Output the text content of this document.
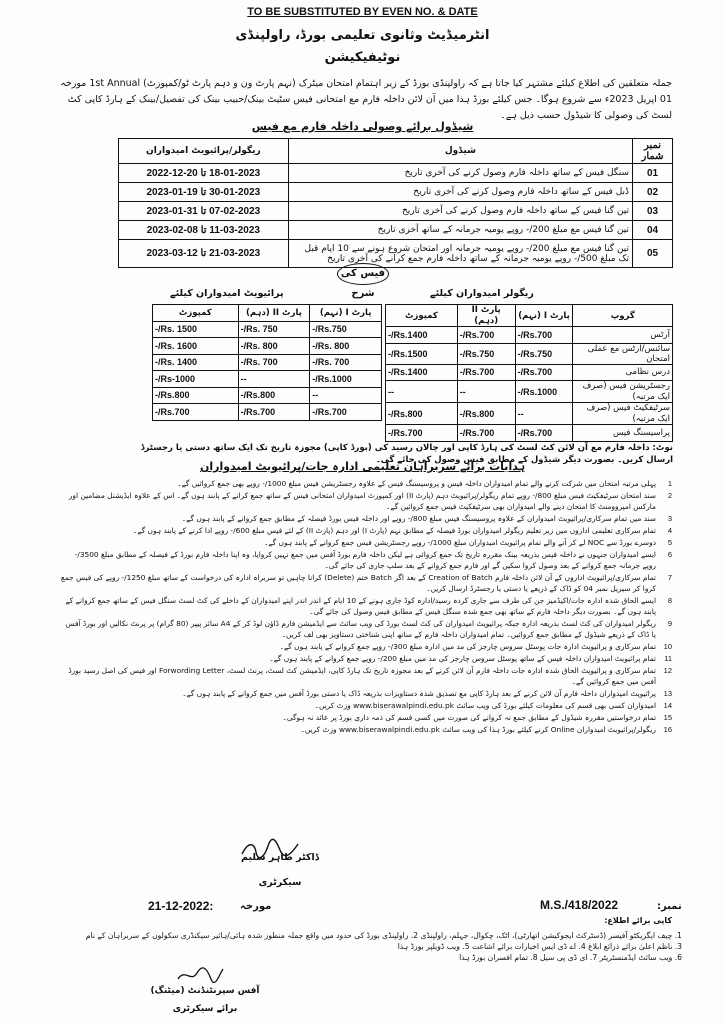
TO BE SUBSTITUTED BY EVEN NO. & DATE
انٹرمیڈیٹ وثانوی تعلیمی بورڈ، راولپنڈی
نوٹیفیکیشن
جملہ متعلقین کی اطلاع کیلئے مشتہر کیا جاتا ہے کہ راولپنڈی بورڈ کے زیر اہتمام امتحان میٹرک (نہم پارٹ ون و دہم پارٹ ٹو/کمپوزٹ) 1st Annual مورخہ 01 اپریل 2023ء سے شروع ہوگا۔ جس کیلئے بورڈ ہذا میں آن لائن داخلہ فارم مع امتحانی فیس سٹیٹ بینک/حبیب بینک کی تفصیل/بینک کے ہارڈ کاپی کٹ لسٹ کی وصولی کا شیڈول حسب ذیل ہے۔
شیڈول برائے وصولی داخلہ فارم مع فیس
نمبر شمار	شیڈول	ریگولر/پرائیویٹ امیدواران
01	سنگل فیس کے ساتھ داخلہ فارم وصول کرنے کی آخری تاریخ	18-01-2023 تا 20-12-2022
02	ڈبل فیس کے ساتھ داخلہ فارم وصول کرنے کی آخری تاریخ	30-01-2023 تا 19-01-2023
03	تین گنا فیس کے ساتھ داخلہ فارم وصول کرنے کی آخری تاریخ	07-02-2023 تا 31-01-2023
04	تین گنا فیس مع مبلغ 200/- روپے یومیہ جرمانہ کے ساتھ آخری تاریخ	11-03-2023 تا 08-02-2023
05	تین گنا فیس مع مبلغ 200/- روپے یومیہ جرمانہ اور امتحان شروع ہونے سے 10 ایام قبل تک مبلغ 500/- روپے یومیہ جرمانہ کے ساتھ داخلہ فارم جمع کرانے کی آخری تاریخ	21-03-2023 تا 12-03-2023
فیس کی شرح	ریگولر امیدواران کیلئے
پرائیویٹ امیدواران کیلئے
گروپ	پارٹ I (نہم)	پارٹ II (دہم)	کمپوزٹ
آرٹس	Rs.700/-	Rs.700/-	Rs.1400/-
سائنس/آرٹس مع عملی امتحان	Rs.750/-	Rs.750/-	Rs.1500/-
درس نظامی	Rs.700/-	Rs.700/-	Rs.1400/-
رجسٹریشن فیس (صرف ایک مرتبہ)	Rs.1000/-	--	--
سرٹیفکیٹ فیس (صرف ایک مرتبہ)	--	Rs.800/-	Rs.800/-
پراسیسنگ فیس	Rs.700/-	Rs.700/-	Rs.700/-
پارٹ I (نہم)	پارٹ II (دہم)	کمپوزٹ
Rs.750/-	Rs. 750/-	Rs. 1500/-
Rs. 800/-	Rs. 800/-	Rs. 1600/-
Rs. 700/-	Rs. 700/-	Rs. 1400/-
Rs.1000/-	--	Rs-1000/-
--	Rs.800/-	Rs.800/-
Rs.700/-	Rs.700/-	Rs.700/-
نوٹ: داخلہ فارم مع آن لائن کٹ لسٹ کی ہارڈ کاپی اور چالان رسید کی (بورڈ کاپی) مجوزہ تاریخ تک ایک ساتھ دستی یا رجسٹرڈ ارسال کریں۔ بصورت دیگر شیڈول کے مطابق فیس وصول کی جائے گی۔
ہدایات برائے سربراہان تعلیمی ادارہ جات/پرائیویٹ امیدواران
1
پہلی مرتبہ امتحان میں شرکت کرنے والے تمام امیدواران داخلہ فیس و پروسیسنگ فیس کے علاوہ رجسٹریشن فیس مبلغ 1000/- روپے بھی جمع کروائیں گے۔
2
سند امتحان سرٹیفکیٹ فیس مبلغ 800/- روپے تمام ریگولر/پرائیویٹ دہم (پارٹ II) اور کمپوزٹ امیدواران امتحانی فیس کے ساتھ جمع کرانے کے پابند ہوں گے۔ اس کے علاوہ ایڈیشنل مضامین اور مارکس امپروومنٹ کا امتحان دینے والے امیدواران بھی سرٹیفکیٹ فیس جمع کروائیں گے۔
3
سند میں تمام سرکاری/پرائیویٹ امیدواران کے علاوہ پروسیسنگ فیس مبلغ 800/- روپے اور داخلہ فیس بورڈ فیصلہ کے مطابق جمع کروانے کے پابند ہوں گے۔
4
تمام سرکاری تعلیمی اداروں میں زیر تعلیم ریگولر امیدواران بورڈ فیصلہ کے مطابق نہم (پارٹ I) اور دہم (پارٹ II) کے لئے فیس مبلغ 600/- روپے ادا کرنے کے پابند ہوں گے۔
5
دوسرے بورڈ سے NOC لے کر آنے والے تمام پرائیویٹ امیدواران مبلغ 1000/- روپے رجسٹریشن فیس جمع کروانے کے پابند ہوں گے۔
6
ایسے امیدواران جنہوں نے داخلہ فیس بذریعہ بینک مقررہ تاریخ تک جمع کروائی ہے لیکن داخلہ فارم بورڈ آفس میں جمع نہیں کروایا، وہ اپنا داخلہ فارم بورڈ کے فیصلہ کے مطابق مبلغ 3500/- روپے جرمانہ جمع کروانے کے بعد وصول کروا سکیں گے اور فارم جمع کروانے کے بعد سلپ جاری کی جائے گی۔
7
تمام سرکاری/پرائیویٹ اداروں کے آن لائن داخلہ فارم Creation of Batch کے بعد اگر Batch ختم (Delete) کرانا چاہیں تو سربراہ ادارہ کی درخواست کے ساتھ مبلغ 1250/- روپے کی فیس جمع کروا کر سیریل نمبر 04 کو ڈاک کے ذریعے یا دستی یا رجسٹرڈ ارسال کریں۔
8
ایسے الحاق شدہ ادارہ جات/اکیڈمیز جن کی طرف سے جاری کردہ رسید/ادارہ کوڈ جاری ہونے کے 10 ایام کے اندر اندر اپنے امیدواران کے داخلے کی کٹ لسٹ سنگل فیس کے ساتھ جمع کروانے کے پابند ہوں گے۔ بصورت دیگر داخلہ فارم کے ساتھ بھی جمع شدہ سنگل فیس کے مطابق فیس وصول کی جائے گی۔
9
ریگولر امیدواران کی کٹ لسٹ بذریعہ ادارہ جبکہ پرائیویٹ امیدواران کی کٹ لسٹ بورڈ کی ویب سائٹ سے ایڈمیشن فارم ڈاؤن لوڈ کر کے A4 سائز پیپر (80 گرام) پر پرنٹ نکالیں اور بورڈ آفس یا ڈاک کے ذریعے شیڈول کے مطابق جمع کروائیں۔ تمام امیدواران داخلہ فارم کے ساتھ اپنی شناختی دستاویز بھی لف کریں۔
10
تمام سرکاری و پرائیویٹ ادارہ جات پوسٹل سروس چارجز کی مد میں ادارہ مبلغ 300/- روپے جمع کروانے کے پابند ہوں گے۔
11
تمام پرائیویٹ امیدواران داخلہ فیس کے ساتھ پوسٹل سروس چارجز کی مد میں مبلغ 200/- روپے جمع کروانے کے پابند ہوں گے۔
12
تمام سرکاری و پرائیویٹ الحاق شدہ ادارہ جات داخلہ فارم آن لائن کرنے کے بعد مجوزہ تاریخ تک ہارڈ کاپی، ایڈمیشن کٹ لسٹ، پرنٹ لسٹ، Forwording Letter اور فیس کی اصل رسید بورڈ آفس میں جمع کروائیں گے۔
13
پرائیویٹ امیدواران داخلہ فارم آن لائن کرنے کے بعد ہارڈ کاپی مع تصدیق شدہ دستاویزات بذریعہ ڈاک یا دستی بورڈ آفس میں جمع کروانے کے پابند ہوں گے۔
14
امیدواران کسی بھی قسم کی معلومات کیلئے بورڈ کی ویب سائٹ www.biserawalpindi.edu.pk وزٹ کریں۔
15
تمام درخواستیں مقررہ شیڈول کے مطابق جمع نہ کروانے کی صورت میں کسی قسم کی ذمہ داری بورڈ پر عائد نہ ہوگی۔
16
ریگولر/پرائیویٹ امیدواران Online کرنے کیلئے بورڈ ہذا کی ویب سائٹ www.biserawalpindi.edu.pk وزٹ کریں۔
ڈاکٹر طاہر سلیم
سیکرٹری
21-12-2022:	مورخہ	M.S./418/2022	نمبر:
کاپی برائے اطلاع:
1. چیف ایگزیکٹو آفیسر (ڈسٹرکٹ ایجوکیشن اتھارٹی)، اٹک، چکوال، جہلم، راولپنڈی 2. راولپنڈی بورڈ کی حدود میں واقع جملہ منظور شدہ ہائی/ہائیر سیکنڈری سکولوں کے سربراہان کے نام
3. ناظم اعلیٰ برائے ذرائع ابلاغ 4. اے ڈی ایس اخبارات برائے اشاعت 5. ویب ڈویلپر بورڈ ہذا
6. ویب سائٹ ایڈمنسٹریٹر 7. ای ڈی پی سیل 8. تمام افسران بورڈ ہذا
آفس سپرنٹنڈنٹ (میٹنگ)
برائے سیکرٹری
